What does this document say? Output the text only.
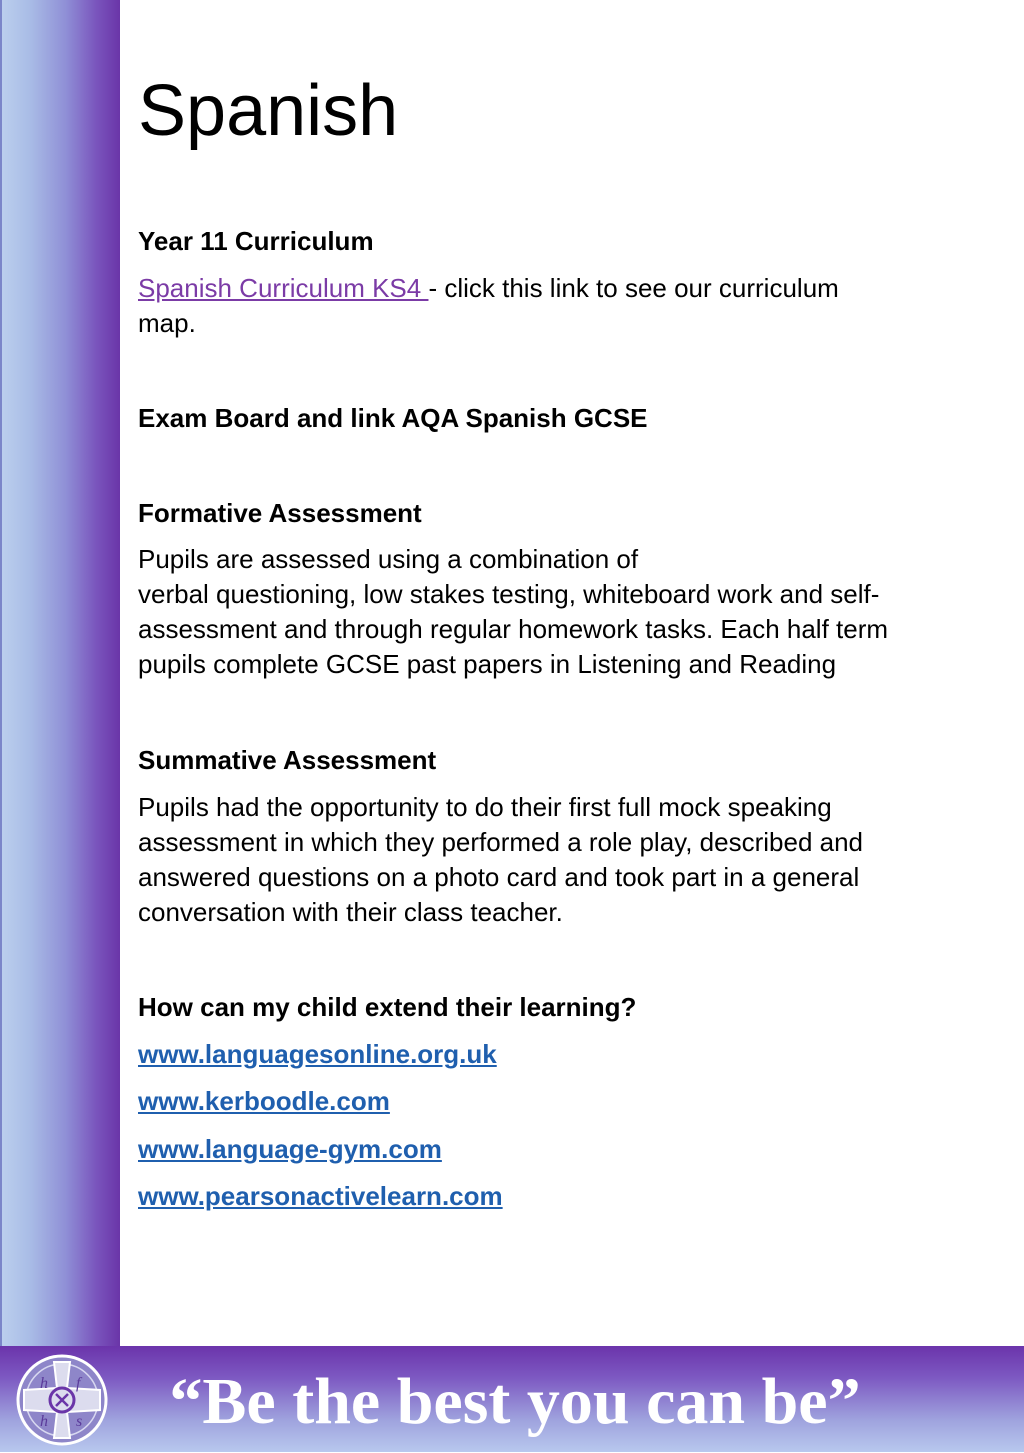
Spanish
Year 11 Curriculum

Spanish Curriculum KS4 - click this link to see our curriculum
map.

Exam Board and link AQA Spanish GCSE
Formative Assessment

Pupils are assessed using a combination of
verbal questioning, low stakes testing, whiteboard work and self-
assessment and through regular homework tasks. Each half term
pupils complete GCSE past papers in Listening and Reading

Summative Assessment

Pupils had the opportunity to do their first full mock speaking
assessment in which they performed a role play, described and
answered questions on a photo card and took part in a general
conversation with their class teacher.

How can my child extend their learning?
www.languagesonline.org.uk
www.kerboodle.com
www.language-gym.com
www.pearsonactivelearn.com
h f
h s “Be the best you can be”
